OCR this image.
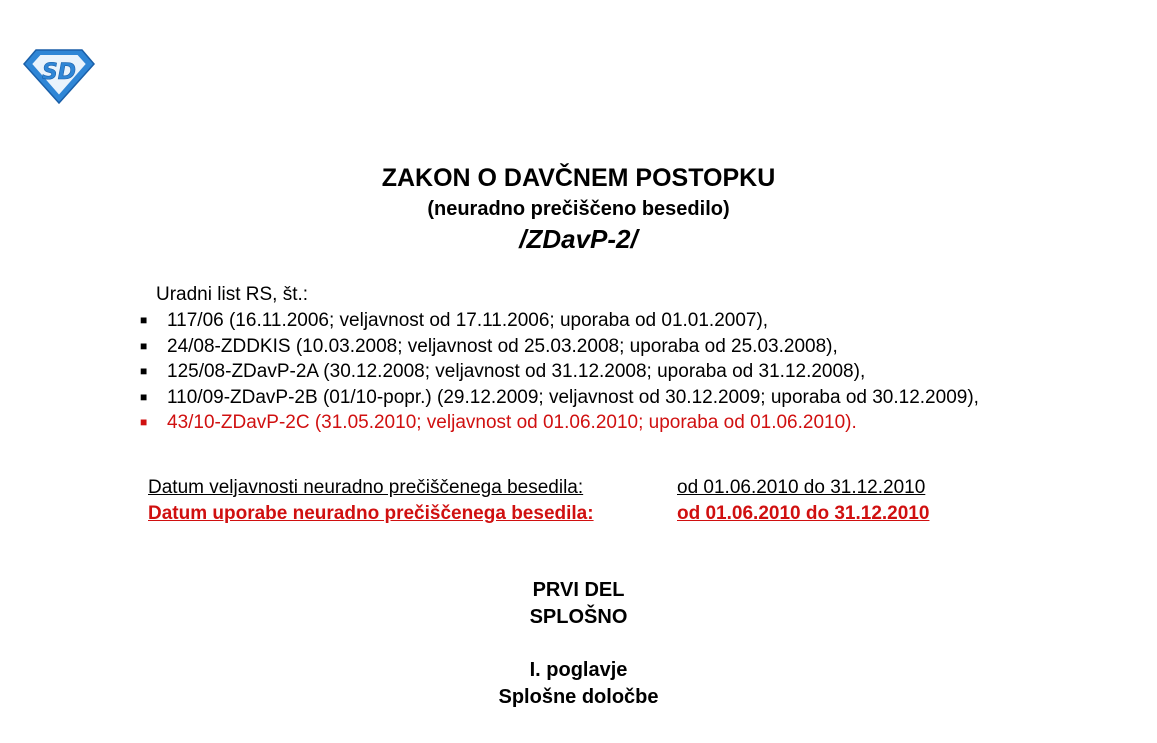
SD
ZAKON O DAVČNEM POSTOPKU
(neuradno prečiščeno besedilo)
/ZDavP-2/
Uradni list RS, št.:
■ 117/06 (16.11.2006; veljavnost od 17.11.2006; uporaba od 01.01.2007),
■ 24/08-ZDDKIS (10.03.2008; veljavnost od 25.03.2008; uporaba od 25.03.2008),
■ 125/08-ZDavP-2A (30.12.2008; veljavnost od 31.12.2008; uporaba od 31.12.2008),
■ 110/09-ZDavP-2B (01/10-popr.) (29.12.2009; veljavnost od 30.12.2009; uporaba od 30.12.2009),
■ 43/10-ZDavP-2C (31.05.2010; veljavnost od 01.06.2010; uporaba od 01.06.2010).
Datum veljavnosti neuradno prečiščenega besedila:	od 01.06.2010 do 31.12.2010
Datum uporabe neuradno prečiščenega besedila:	od 01.06.2010 do 31.12.2010
PRVI DEL
SPLOŠNO
I. poglavje
Splošne določbe
